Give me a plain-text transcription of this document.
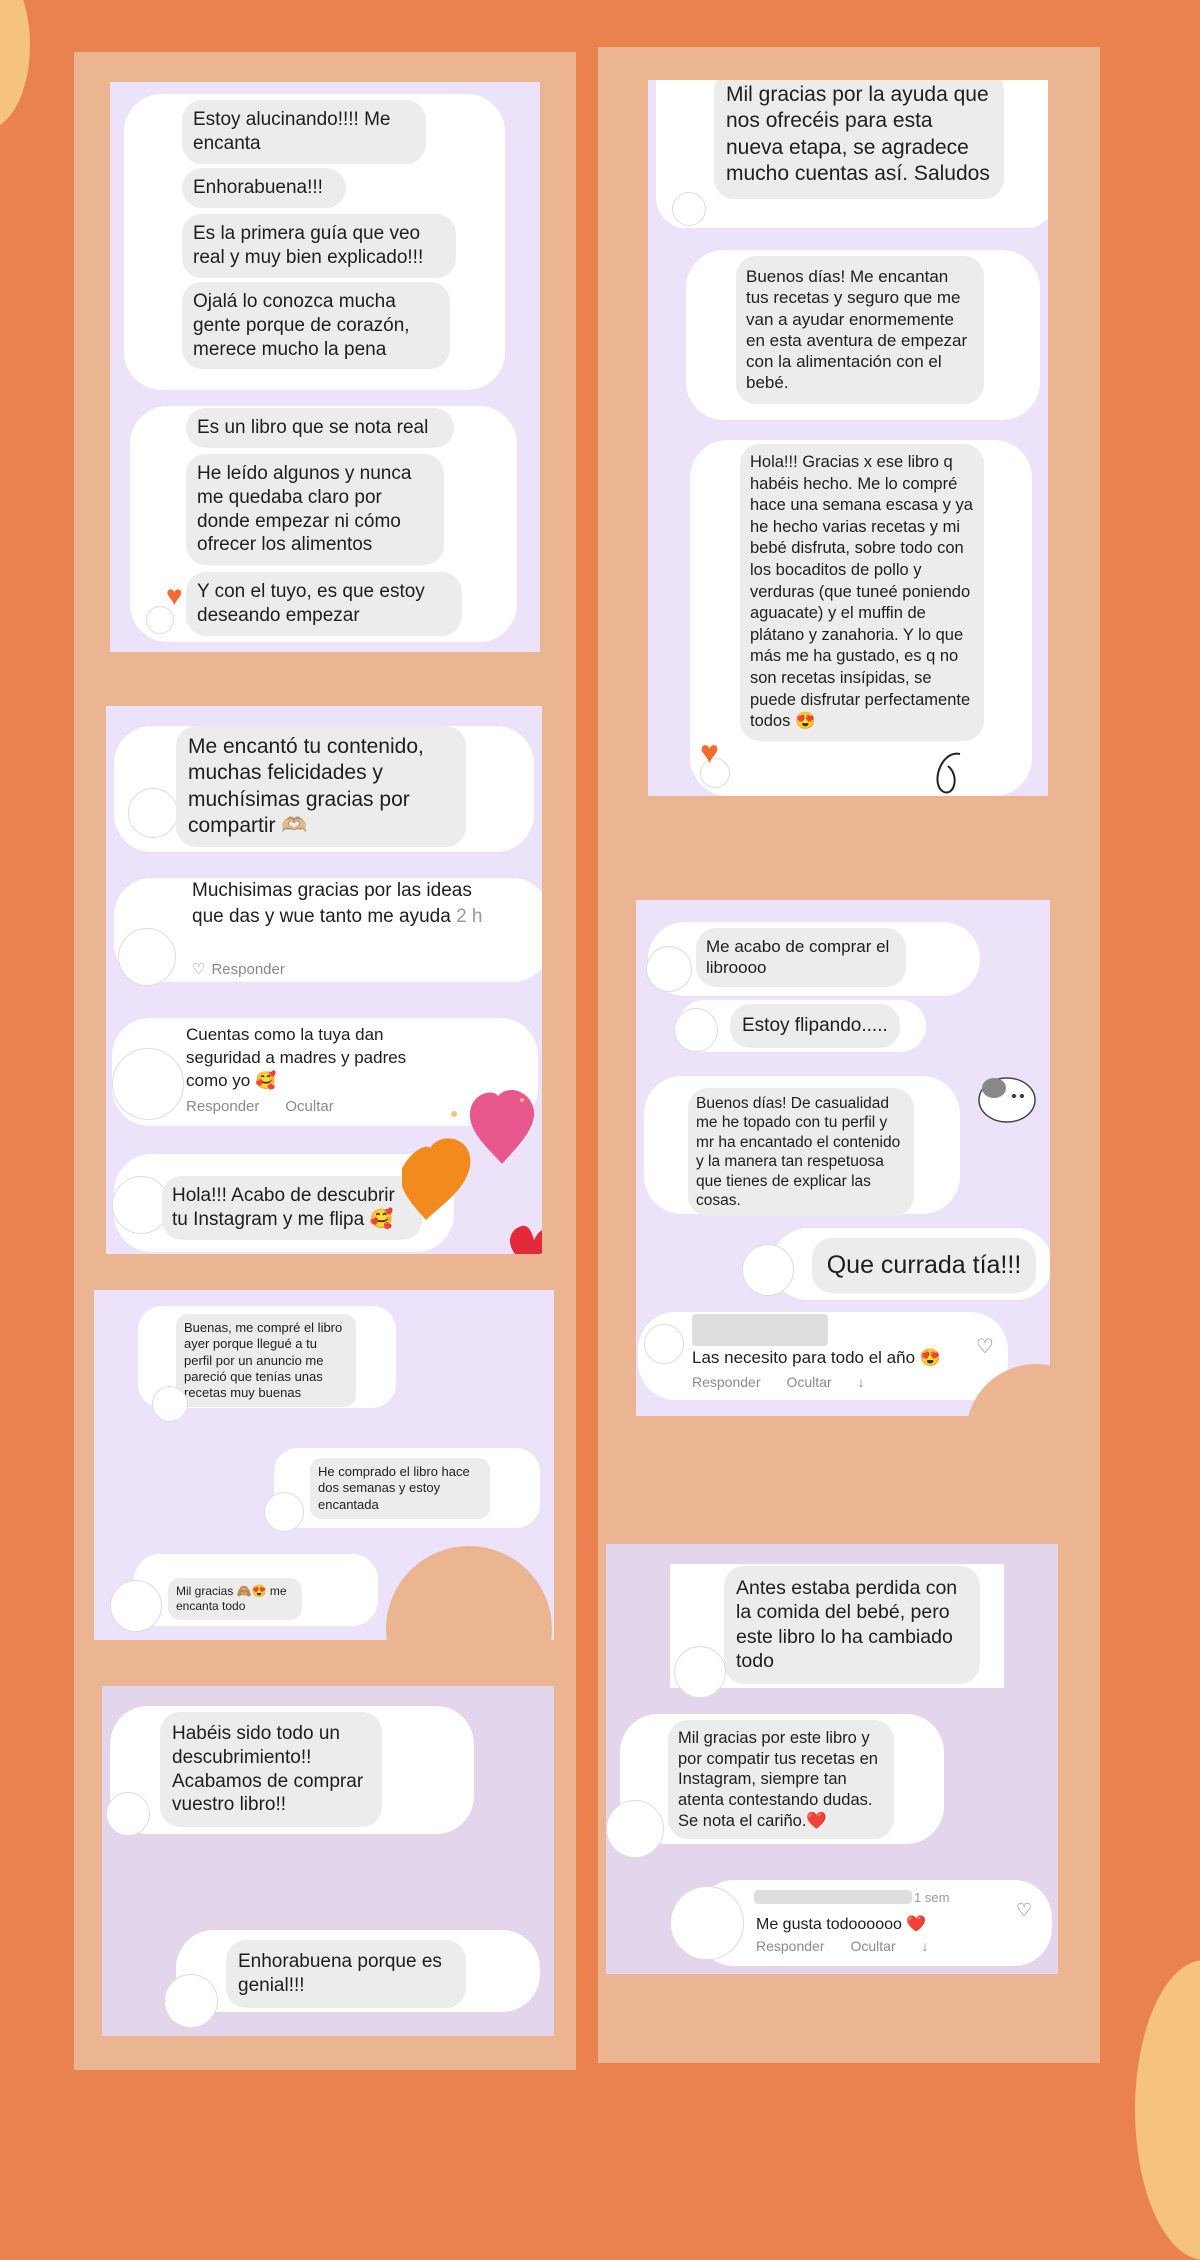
Estoy alucinando!!!! Me encanta
Enhorabuena!!!
Es la primera guía que veo real y muy bien explicado!!!
Ojalá lo conozca mucha gente porque de corazón, merece mucho la pena
Es un libro que se nota real
He leído algunos y nunca me quedaba claro por donde empezar ni cómo ofrecer los alimentos
Y con el tuyo, es que estoy deseando empezar
♥
Me encantó tu contenido, muchas felicidades y muchísimas gracias por compartir 🫶🏼
Muchisimas gracias por las ideas que das y wue tanto me ayuda 2 h
♡ Responder
Cuentas como la tuya dan seguridad a madres y padres como yo 🥰
Responder Ocultar
Hola!!! Acabo de descubrir tu Instagram y me flipa 🥰
Buenas, me compré el libro ayer porque llegué a tu perfil por un anuncio me pareció que tenías unas recetas muy buenas
He comprado el libro hace dos semanas y estoy encantada
Mil gracias 🙈😍 me encanta todo
Habéis sido todo un descubrimiento!! Acabamos de comprar vuestro libro!!
Enhorabuena porque es genial!!!
Mil gracias por la ayuda que nos ofrecéis para esta nueva etapa, se agradece mucho cuentas así. Saludos
Buenos días! Me encantan tus recetas y seguro que me van a ayudar enormemente en esta aventura de empezar con la alimentación con el bebé.
Hola!!! Gracias x ese libro q habéis hecho. Me lo compré hace una semana escasa y ya he hecho varias recetas y mi bebé disfruta, sobre todo con los bocaditos de pollo y verduras (que tuneé poniendo aguacate) y el muffin de plátano y zanahoria. Y lo que más me ha gustado, es q no son recetas insípidas, se puede disfrutar perfectamente todos 😍
♥
Me acabo de comprar el libroooo
Estoy flipando.....
Buenos días! De casualidad me he topado con tu perfil y mr ha encantado el contenido y la manera tan respetuosa que tienes de explicar las cosas.
Que currada tía!!!
Las necesito para todo el año 😍
Responder Ocultar ↓
♡
Antes estaba perdida con la comida del bebé, pero este libro lo ha cambiado todo
Mil gracias por este libro y por compatir tus recetas en Instagram, siempre tan atenta contestando dudas. Se nota el cariño.❤️
1 sem
Me gusta todoooooo ❤️
Responder Ocultar ↓
♡
